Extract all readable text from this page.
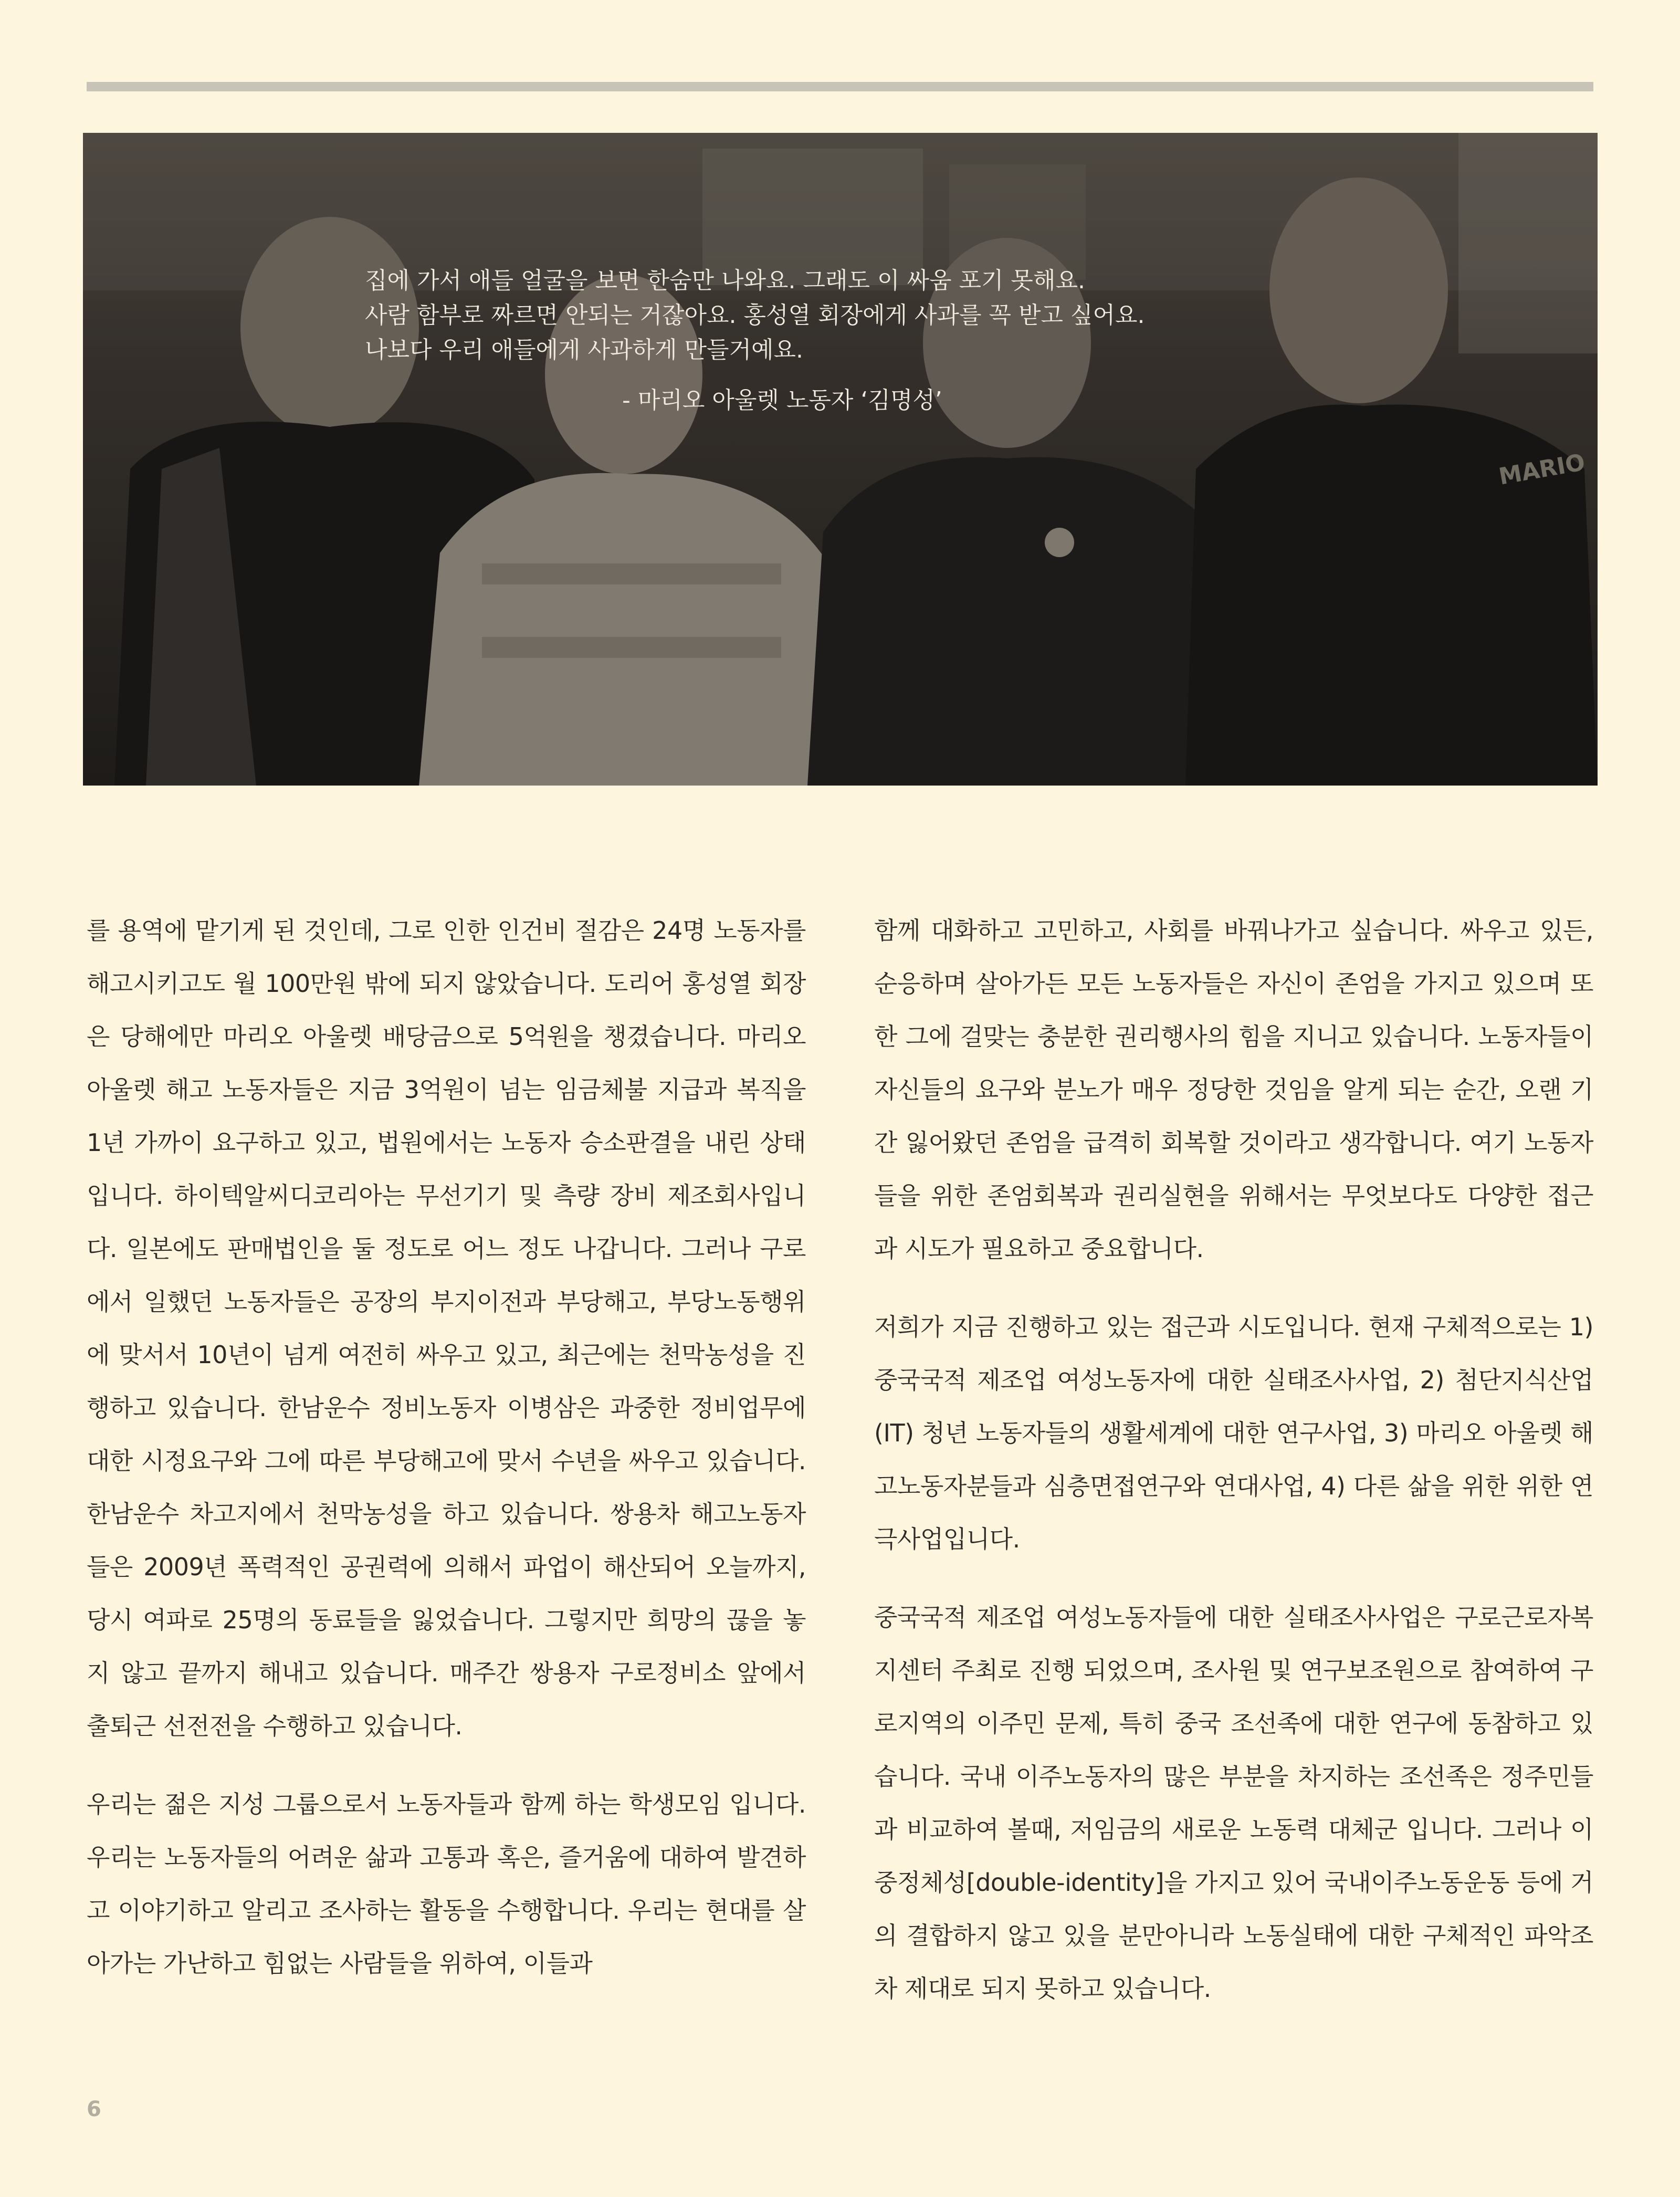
MARIO
집에 가서 애들 얼굴을 보면 한숨만 나와요. 그래도 이 싸움 포기 못해요.
사람 함부로 짜르면 안되는 거잖아요. 홍성열 회장에게 사과를 꼭 받고 싶어요.
나보다 우리 애들에게 사과하게 만들거예요.
- 마리오 아울렛 노동자 ‘김명성’

를 용역에 맡기게 된 것인데, 그로 인한 인건비 절감은 24명 노동자를 해고시키고도 월 100만원 밖에 되지 않았습니다. 도리어 홍성열 회장은 당해에만 마리오 아울렛 배당금으로 5억원을 챙겼습니다. 마리오 아울렛 해고 노동자들은 지금 3억원이 넘는 임금체불 지급과 복직을 1년 가까이 요구하고 있고, 법원에서는 노동자 승소판결을 내린 상태입니다. 하이텍알씨디코리아는 무선기기 및 측량 장비 제조회사입니다. 일본에도 판매법인을 둘 정도로 어느 정도 나갑니다. 그러나 구로에서 일했던 노동자들은 공장의 부지이전과 부당해고, 부당노동행위에 맞서서 10년이 넘게 여전히 싸우고 있고, 최근에는 천막농성을 진행하고 있습니다. 한남운수 정비노동자 이병삼은 과중한 정비업무에 대한 시정요구와 그에 따른 부당해고에 맞서 수년을 싸우고 있습니다. 한남운수 차고지에서 천막농성을 하고 있습니다. 쌍용차 해고노동자들은 2009년 폭력적인 공권력에 의해서 파업이 해산되어 오늘까지, 당시 여파로 25명의 동료들을 잃었습니다. 그렇지만 희망의 끊을 놓지 않고 끝까지 해내고 있습니다. 매주간 쌍용자 구로정비소 앞에서 출퇴근 선전전을 수행하고 있습니다.

우리는 젊은 지성 그룹으로서 노동자들과 함께 하는 학생모임 입니다. 우리는 노동자들의 어려운 삶과 고통과 혹은, 즐거움에 대하여 발견하고 이야기하고 알리고 조사하는 활동을 수행합니다. 우리는 현대를 살아가는 가난하고 힘없는 사람들을 위하여, 이들과

함께 대화하고 고민하고, 사회를 바꿔나가고 싶습니다. 싸우고 있든, 순응하며 살아가든 모든 노동자들은 자신이 존엄을 가지고 있으며 또한 그에 걸맞는 충분한 권리행사의 힘을 지니고 있습니다. 노동자들이 자신들의 요구와 분노가 매우 정당한 것임을 알게 되는 순간, 오랜 기간 잃어왔던 존엄을 급격히 회복할 것이라고 생각합니다. 여기 노동자들을 위한 존엄회복과 권리실현을 위해서는 무엇보다도 다양한 접근과 시도가 필요하고 중요합니다.

저희가 지금 진행하고 있는 접근과 시도입니다. 현재 구체적으로는 1) 중국국적 제조업 여성노동자에 대한 실태조사사업, 2) 첨단지식산업(IT) 청년 노동자들의 생활세계에 대한 연구사업, 3) 마리오 아울렛 해고노동자분들과 심층면접연구와 연대사업, 4) 다른 삶을 위한 위한 연극사업입니다.

중국국적 제조업 여성노동자들에 대한 실태조사사업은 구로근로자복지센터 주최로 진행 되었으며, 조사원 및 연구보조원으로 참여하여 구로지역의 이주민 문제, 특히 중국 조선족에 대한 연구에 동참하고 있습니다. 국내 이주노동자의 많은 부분을 차지하는 조선족은 정주민들과 비교하여 볼때, 저임금의 새로운 노동력 대체군 입니다. 그러나 이중정체성[double-identity]을 가지고 있어 국내이주노동운동 등에 거의 결합하지 않고 있을 분만아니라 노동실태에 대한 구체적인 파악조차 제대로 되지 못하고 있습니다.

6
